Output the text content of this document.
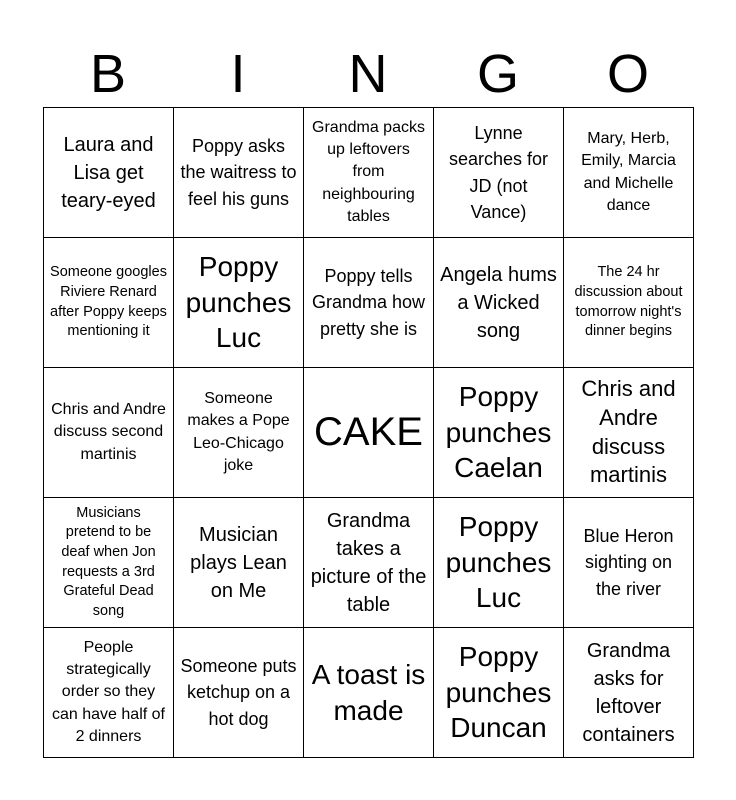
B	I	N	G	O
Laura and Lisa get teary-eyed	Poppy asks the waitress to feel his guns	Grandma packs up leftovers from neighbouring tables	Lynne searches for JD (not Vance)	Mary, Herb, Emily, Marcia and Michelle dance
Someone googles Riviere Renard after Poppy keeps mentioning it	Poppy punches Luc	Poppy tells Grandma how pretty she is	Angela hums a Wicked song	The 24 hr discussion about tomorrow night's dinner begins
Chris and Andre discuss second martinis	Someone makes a Pope Leo-Chicago joke	CAKE	Poppy punches Caelan	Chris and Andre discuss martinis
Musicians pretend to be deaf when Jon requests a 3rd Grateful Dead song	Musician plays Lean on Me	Grandma takes a picture of the table	Poppy punches Luc	Blue Heron sighting on the river
People strategically order so they can have half of 2 dinners	Someone puts ketchup on a hot dog	A toast is made	Poppy punches Duncan	Grandma asks for leftover containers
